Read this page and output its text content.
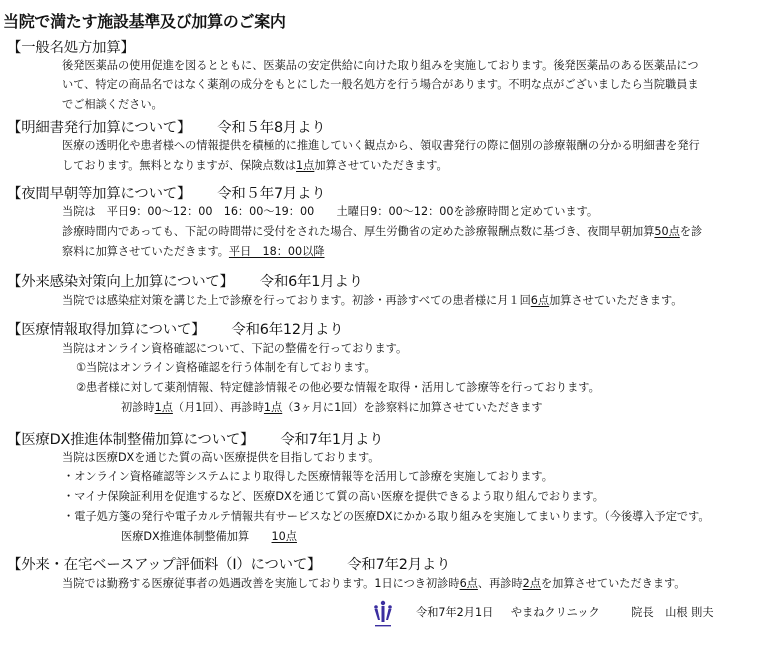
当院で満たす施設基準及び加算のご案内
【一般名処方加算】
後発医薬品の使用促進を図るとともに、医薬品の安定供給に向けた取り組みを実施しております。後発医薬品のある医薬品につ
いて、特定の商品名ではなく薬剤の成分をもとにした一般名処方を行う場合があります。不明な点がございましたら当院職員ま
でご相談ください。
【明細書発行加算について】 令和５年8月より
医療の透明化や患者様への情報提供を積極的に推進していく観点から、領収書発行の際に個別の診療報酬の分かる明細書を発行
しております。無料となりますが、保険点数は1点加算させていただきます。
【夜間早朝等加算について】 令和５年7月より
当院は　平日9：00～12：00　16：00～19：00　　土曜日9：00～12：00を診療時間と定めています。
診療時間内であっても、下記の時間帯に受付をされた場合、厚生労働省の定めた診療報酬点数に基づき、夜間早朝加算50点を診
察料に加算させていただきます。平日　18：00以降
【外来感染対策向上加算について】 令和6年1月より
当院では感染症対策を講じた上で診療を行っております。初診・再診すべての患者様に月１回6点加算させていただきます。
【医療情報取得加算について】 令和6年12月より
当院はオンライン資格確認について、下記の整備を行っております。
①当院はオンライン資格確認を行う体制を有しております。
②患者様に対して薬剤情報、特定健診情報その他必要な情報を取得・活用して診療等を行っております。
初診時1点（月1回）、再診時1点（3ヶ月に1回）を診察料に加算させていただきます
【医療DX推進体制整備加算について】 令和7年1月より
当院は医療DXを通じた質の高い医療提供を目指しております。
・オンライン資格確認等システムにより取得した医療情報等を活用して診療を実施しております。
・マイナ保険証利用を促進するなど、医療DXを通じて質の高い医療を提供できるよう取り組んでおります。
・電子処方箋の発行や電子カルテ情報共有サービスなどの医療DXにかかる取り組みを実施してまいります。（今後導入予定です。
医療DX推進体制整備加算　　10点
【外来・在宅ベースアップ評価料（Ⅰ）について】 令和7年2月より
当院では勤務する医療従事者の処遇改善を実施しております。1日につき初診時6点、再診時2点を加算させていただきます。
令和7年2月1日 やまねクリニック	院長 山根 則夫
